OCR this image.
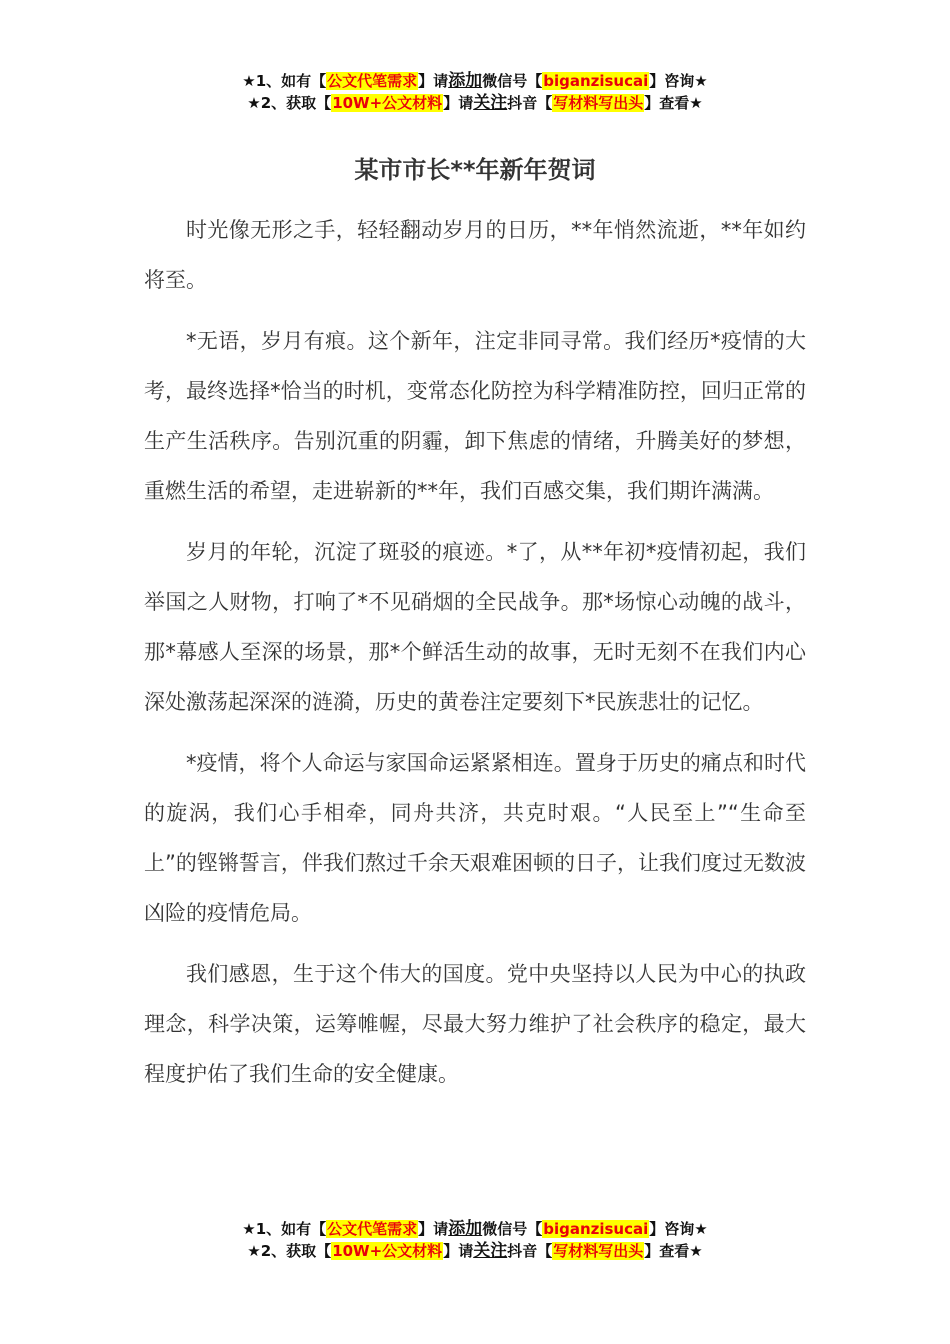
★1、如有【公文代笔需求】请添加微信号【biganzisucai】咨询★
★2、获取【10W+公文材料】请关注抖音【写材料写出头】查看★
某市市长**年新年贺词

时光像无形之手，轻轻翻动岁月的日历，**年悄然流逝，**年如约将至。

*无语，岁月有痕。这个新年，注定非同寻常。我们经历*疫情的大考，最终选择*恰当的时机，变常态化防控为科学精准防控，回归正常的生产生活秩序。告别沉重的阴霾，卸下焦虑的情绪，升腾美好的梦想，重燃生活的希望，走进崭新的**年，我们百感交集，我们期许满满。

岁月的年轮，沉淀了斑驳的痕迹。*了，从**年初*疫情初起，我们举国之人财物，打响了*不见硝烟的全民战争。那*场惊心动魄的战斗，那*幕感人至深的场景，那*个鲜活生动的故事，无时无刻不在我们内心深处激荡起深深的涟漪，历史的黄卷注定要刻下*民族悲壮的记忆。

*疫情，将个人命运与家国命运紧紧相连。置身于历史的痛点和时代的旋涡，我们心手相牵，同舟共济，共克时艰。“人民至上”“生命至上”的铿锵誓言，伴我们熬过千余天艰难困顿的日子，让我们度过无数波凶险的疫情危局。

我们感恩，生于这个伟大的国度。党中央坚持以人民为中心的执政理念，科学决策，运筹帷幄，尽最大努力维护了社会秩序的稳定，最大程度护佑了我们生命的安全健康。

★1、如有【公文代笔需求】请添加微信号【biganzisucai】咨询★
★2、获取【10W+公文材料】请关注抖音【写材料写出头】查看★
